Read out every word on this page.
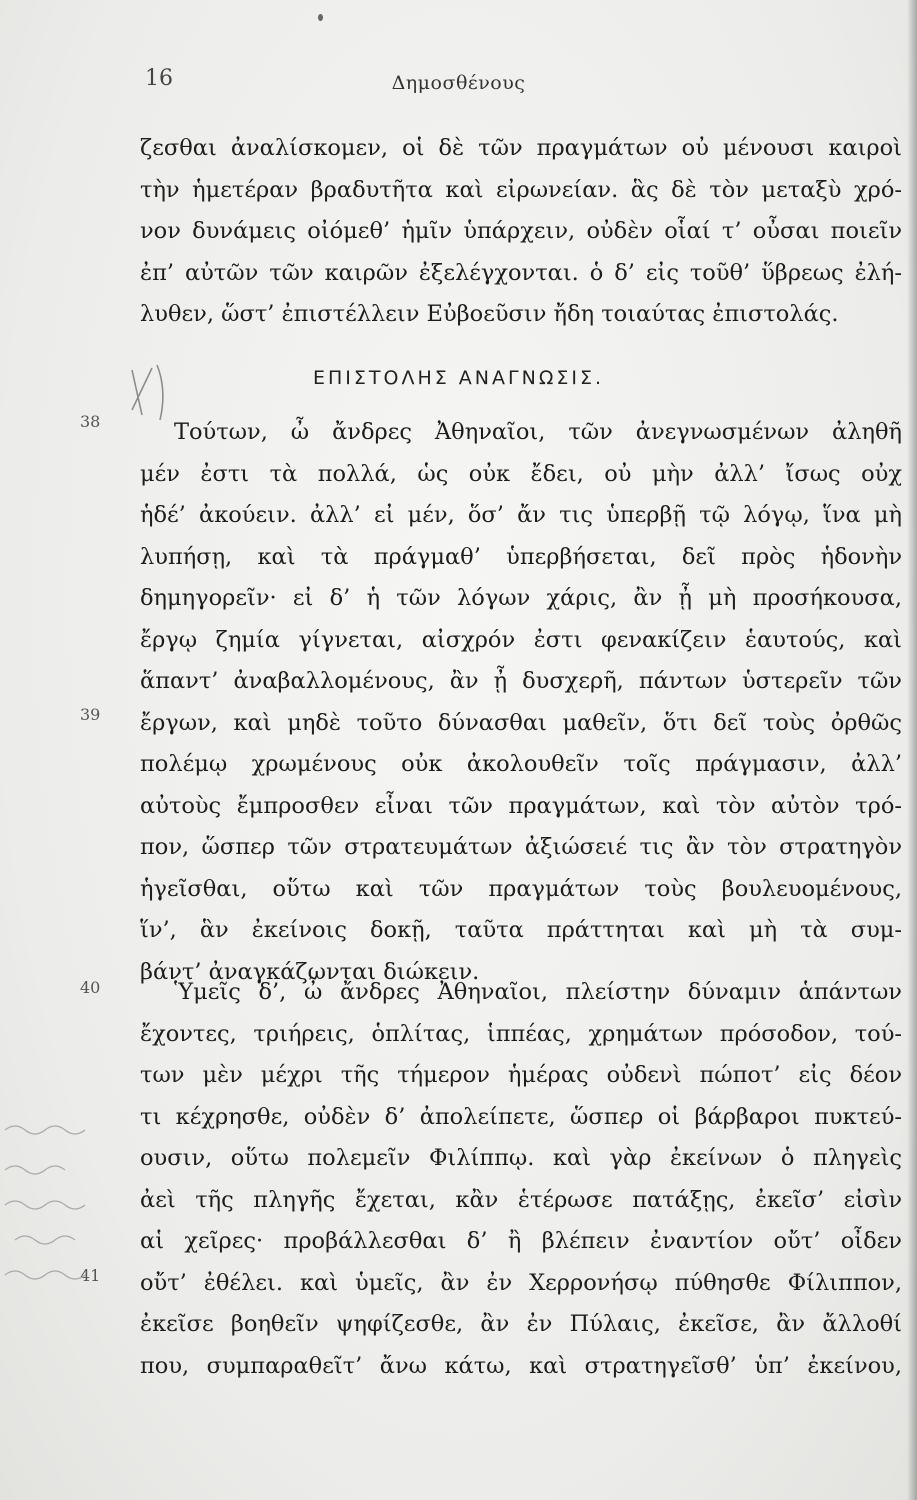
16	Δημοσθένους
ζεσθαι ἀναλίσκομεν, οἱ δὲ τῶν πραγμάτων οὐ μένουσι καιροὶ
τὴν ἡμετέραν βραδυτῆτα καὶ εἰρωνείαν. ἃς δὲ τὸν μεταξὺ χρό-
νον δυνάμεις οἰόμεθ’ ἡμῖν ὑπάρχειν, οὐδὲν οἷαί τ’ οὖσαι ποιεῖν
ἐπ’ αὐτῶν τῶν καιρῶν ἐξελέγχονται. ὁ δ’ εἰς τοῦθ’ ὕβρεως ἐλή-
λυθεν, ὥστ’ ἐπιστέλλειν Εὐβοεῦσιν ἤδη τοιαύτας ἐπιστολάς.
ΕΠΙΣΤΟΛΗΣ ΑΝΑΓΝΩΣΙΣ.
38	Τούτων, ὦ ἄνδρες Ἀθηναῖοι, τῶν ἀνεγνωσμένων ἀληθῆ
μέν ἐστι τὰ πολλά, ὡς οὐκ ἔδει, οὐ μὴν ἀλλ’ ἴσως οὐχ
ἡδέ’ ἀκούειν. ἀλλ’ εἰ μέν, ὅσ’ ἄν τις ὑπερβῇ τῷ λόγῳ, ἵνα μὴ
λυπήσῃ, καὶ τὰ πράγμαθ’ ὑπερβήσεται, δεῖ πρὸς ἡδονὴν
δημηγορεῖν· εἰ δ’ ἡ τῶν λόγων χάρις, ἂν ᾖ μὴ προσήκουσα,
ἔργῳ ζημία γίγνεται, αἰσχρόν ἐστι φενακίζειν ἑαυτούς, καὶ
ἅπαντ’ ἀναβαλλομένους, ἂν ᾖ δυσχερῆ, πάντων ὑστερεῖν τῶν
ἔργων, καὶ μηδὲ τοῦτο δύνασθαι μαθεῖν, ὅτι δεῖ τοὺς ὀρθῶς
πολέμῳ χρωμένους οὐκ ἀκολουθεῖν τοῖς πράγμασιν, ἀλλ’
αὐτοὺς ἔμπροσθεν εἶναι τῶν πραγμάτων, καὶ τὸν αὐτὸν τρό-
πον, ὥσπερ τῶν στρατευμάτων ἀξιώσειέ τις ἂν τὸν στρατηγὸν
ἡγεῖσθαι, οὕτω καὶ τῶν πραγμάτων τοὺς βουλευομένους,
ἵν’, ἃν ἐκείνοις δοκῇ, ταῦτα πράττηται καὶ μὴ τὰ συμ-
βάντ’ ἀναγκάζωνται διώκειν.
39
40	Ὑμεῖς δ’, ὦ ἄνδρες Ἀθηναῖοι, πλείστην δύναμιν ἁπάντων
ἔχοντες, τριήρεις, ὁπλίτας, ἱππέας, χρημάτων πρόσοδον, τού-
των μὲν μέχρι τῆς τήμερον ἡμέρας οὐδενὶ πώποτ’ εἰς δέον
τι κέχρησθε, οὐδὲν δ’ ἀπολείπετε, ὥσπερ οἱ βάρβαροι πυκτεύ-
ουσιν, οὕτω πολεμεῖν Φιλίππῳ. καὶ γὰρ ἐκείνων ὁ πληγεὶς
ἀεὶ τῆς πληγῆς ἔχεται, κἂν ἑτέρωσε πατάξῃς, ἐκεῖσ’ εἰσὶν
αἱ χεῖρες· προβάλλεσθαι δ’ ἢ βλέπειν ἐναντίον οὔτ’ οἶδεν
οὔτ’ ἐθέλει. καὶ ὑμεῖς, ἂν ἐν Χερρονήσῳ πύθησθε Φίλιππον,
ἐκεῖσε βοηθεῖν ψηφίζεσθε, ἂν ἐν Πύλαις, ἐκεῖσε, ἂν ἄλλοθί
που, συμπαραθεῖτ’ ἄνω κάτω, καὶ στρατηγεῖσθ’ ὑπ’ ἐκείνου,
41
